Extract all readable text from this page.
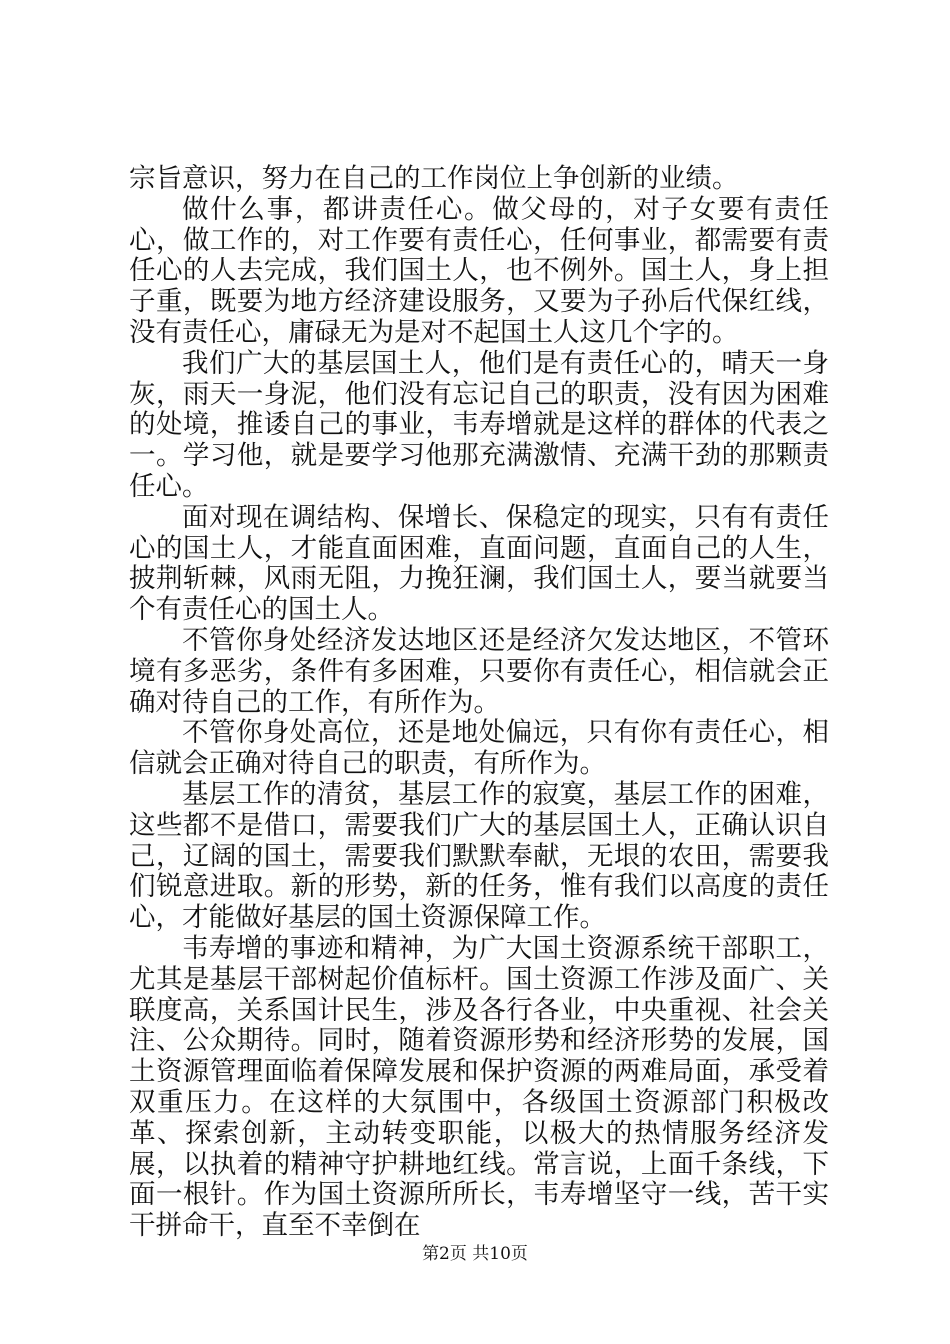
宗旨意识，努力在自己的工作岗位上争创新的业绩。

做什么事，都讲责任心。做父母的，对子女要有责任心，做工作的，对工作要有责任心，任何事业，都需要有责任心的人去完成，我们国土人，也不例外。国土人，身上担子重，既要为地方经济建设服务，又要为子孙后代保红线，没有责任心，庸碌无为是对不起国土人这几个字的。

我们广大的基层国土人，他们是有责任心的，晴天一身灰，雨天一身泥，他们没有忘记自己的职责，没有因为困难的处境，推诿自己的事业，韦寿增就是这样的群体的代表之一。学习他，就是要学习他那充满激情、充满干劲的那颗责任心。

面对现在调结构、保增长、保稳定的现实，只有有责任心的国土人，才能直面困难，直面问题，直面自己的人生，披荆斩棘，风雨无阻，力挽狂澜，我们国土人，要当就要当个有责任心的国土人。

不管你身处经济发达地区还是经济欠发达地区，不管环境有多恶劣，条件有多困难，只要你有责任心，相信就会正确对待自己的工作，有所作为。

不管你身处高位，还是地处偏远，只有你有责任心，相信就会正确对待自己的职责，有所作为。

基层工作的清贫，基层工作的寂寞，基层工作的困难，这些都不是借口，需要我们广大的基层国土人，正确认识自己，辽阔的国土，需要我们默默奉献，无垠的农田，需要我们锐意进取。新的形势，新的任务，惟有我们以高度的责任心，才能做好基层的国土资源保障工作。

韦寿增的事迹和精神，为广大国土资源系统干部职工，尤其是基层干部树起价值标杆。国土资源工作涉及面广、关联度高，关系国计民生，涉及各行各业，中央重视、社会关注、公众期待。同时，随着资源形势和经济形势的发展，国土资源管理面临着保障发展和保护资源的两难局面，承受着双重压力。在这样的大氛围中，各级国土资源部门积极改革、探索创新，主动转变职能，以极大的热情服务经济发展，以执着的精神守护耕地红线。常言说，上面千条线，下面一根针。作为国土资源所所长，韦寿增坚守一线，苦干实干拼命干，直至不幸倒在

第2页 共10页
